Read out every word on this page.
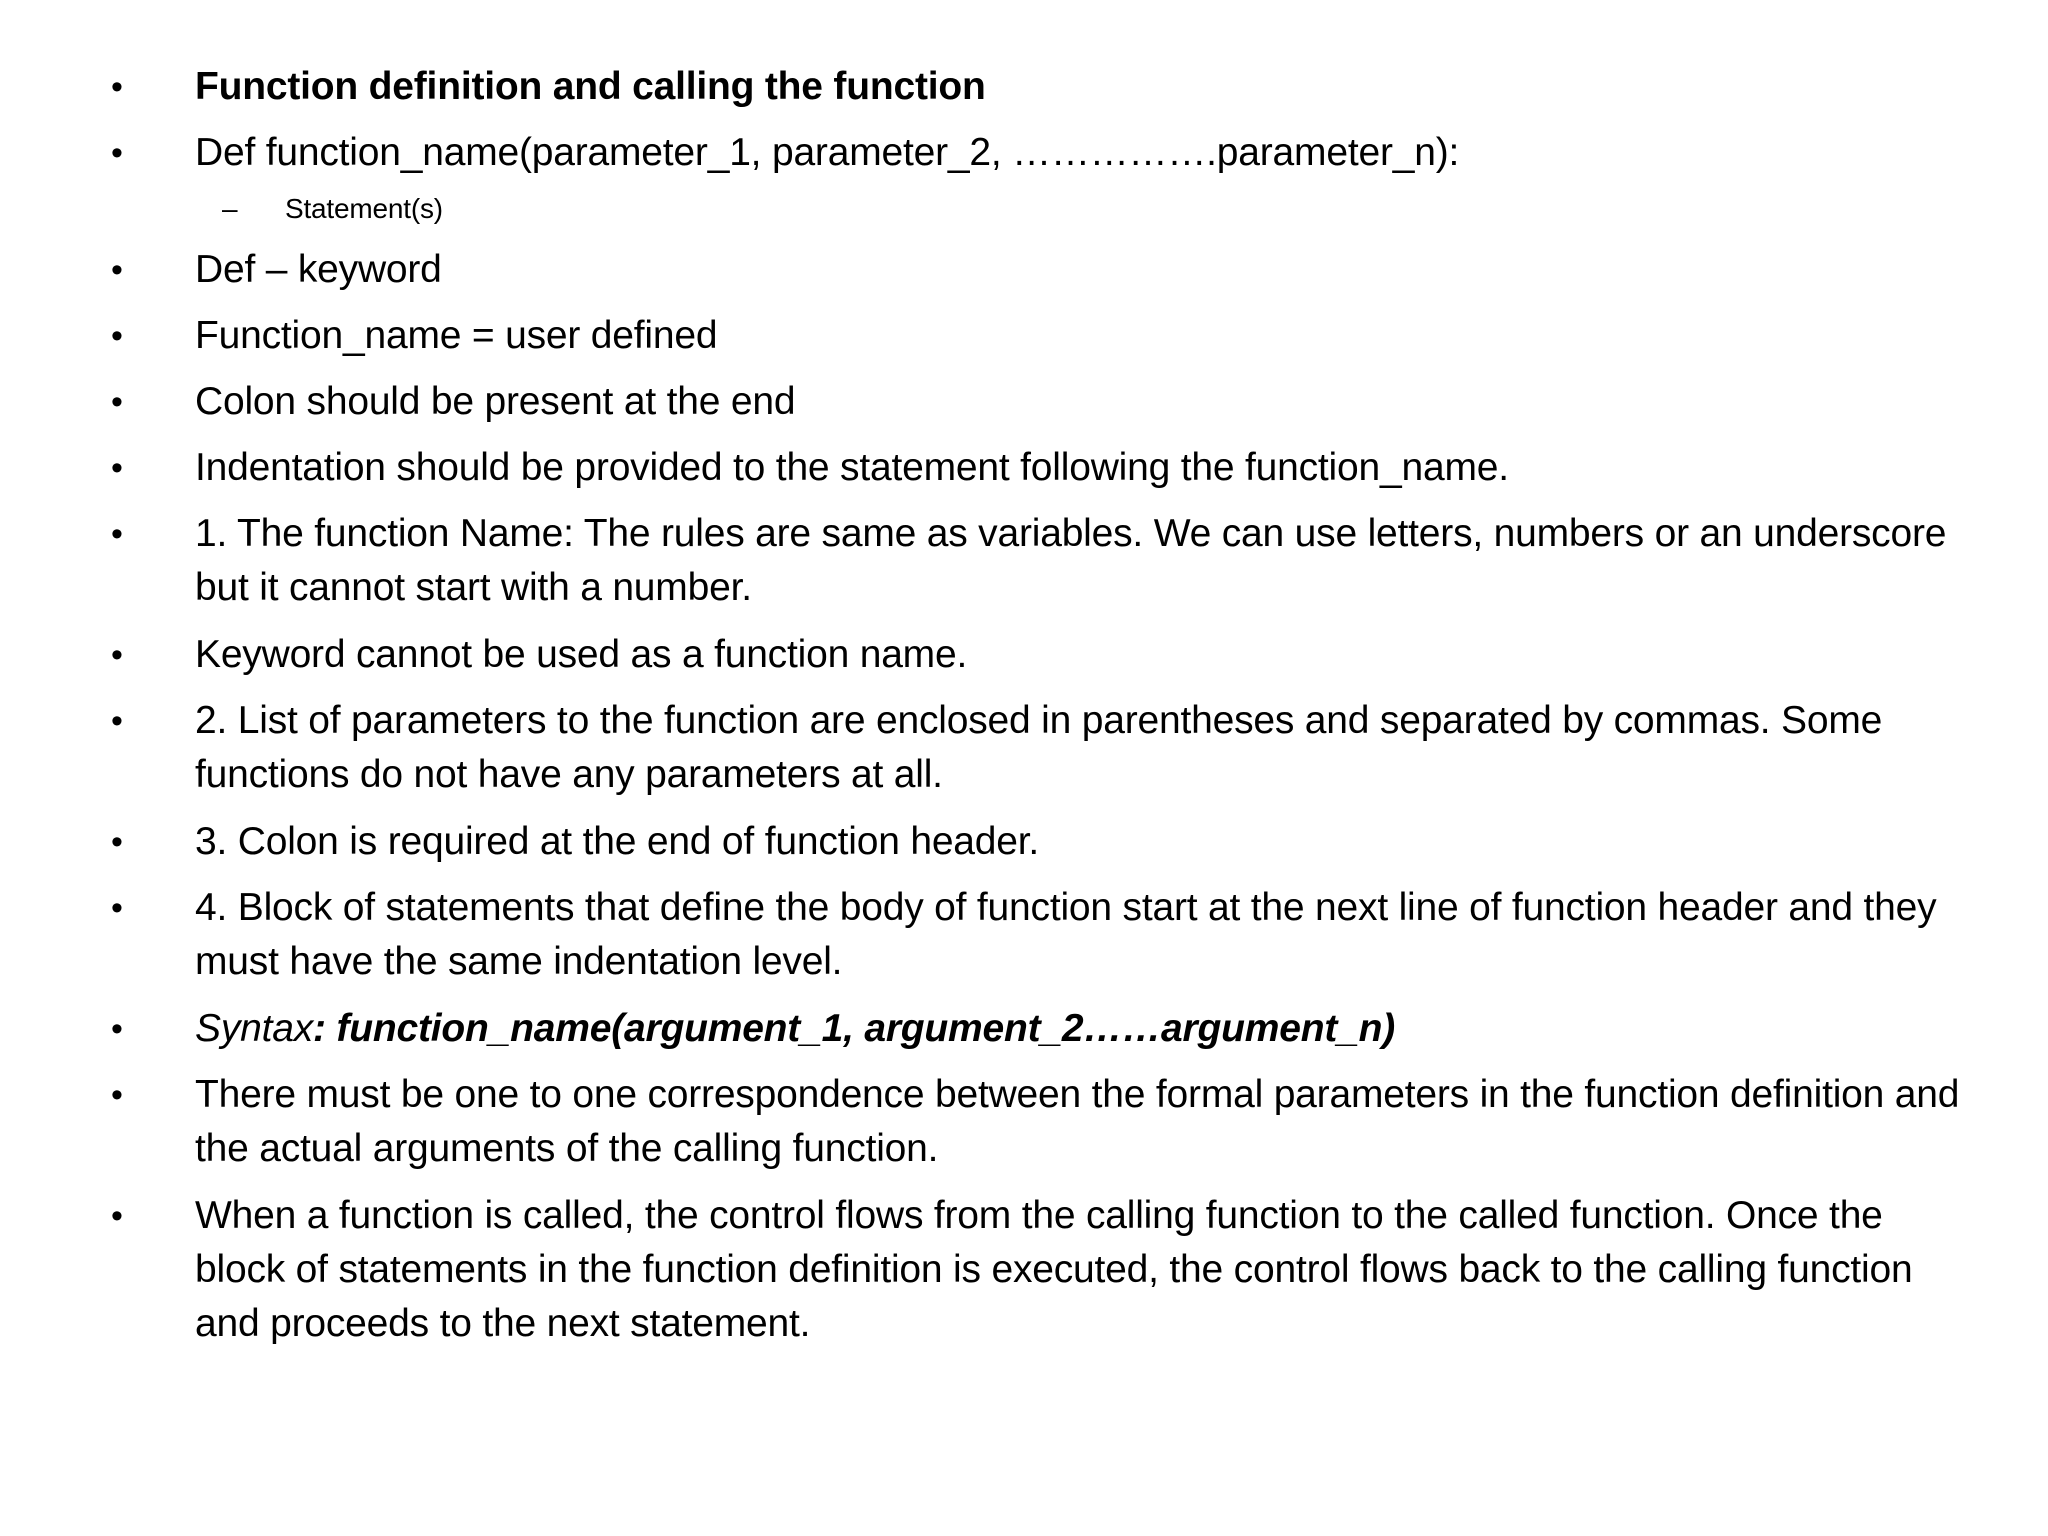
• Function definition and calling the function
• Def function_name(parameter_1, parameter_2, …………….parameter_n):
– Statement(s)
• Def – keyword
• Function_name = user defined
• Colon should be present at the end
• Indentation should be provided to the statement following the function_name.
• 1. The function Name: The rules are same as variables. We can use letters, numbers or an underscore but it cannot start with a number.
• Keyword cannot be used as a function name.
• 2. List of parameters to the function are enclosed in parentheses and separated by commas. Some functions do not have any parameters at all.
• 3. Colon is required at the end of function header.
• 4. Block of statements that define the body of function start at the next line of function header and they must have the same indentation level.
• Syntax: function_name(argument_1, argument_2……argument_n)
• There must be one to one correspondence between the formal parameters in the function definition and the actual arguments of the calling function.
• When a function is called, the control flows from the calling function to the called function. Once the block of statements in the function definition is executed, the control flows back to the calling function and proceeds to the next statement.
